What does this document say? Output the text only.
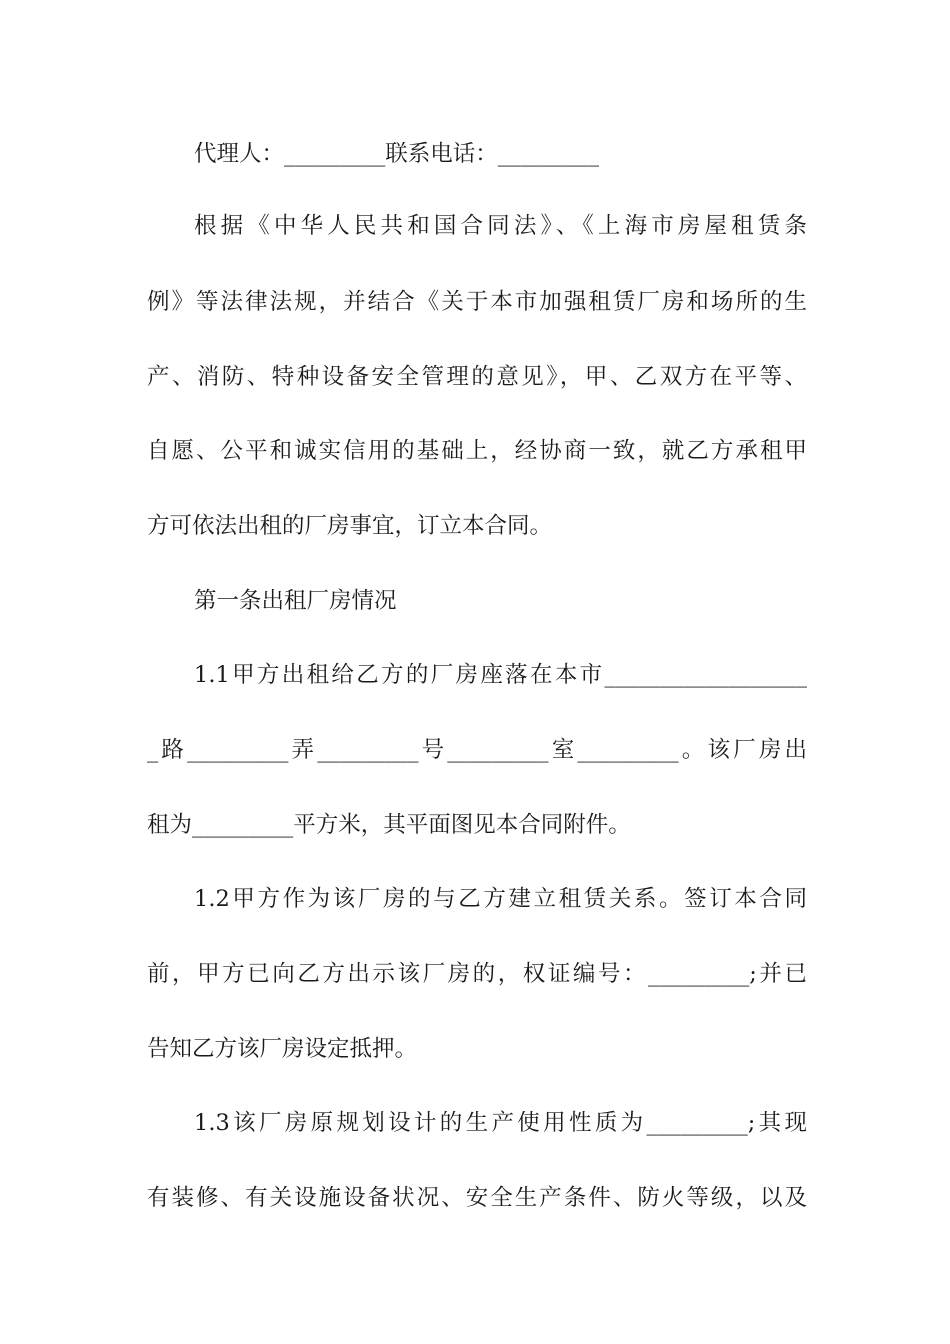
代理人：_________联系电话：_________
根据《中华人民共和国合同法》、《上海市房屋租赁条
例》等法律法规，并结合《关于本市加强租赁厂房和场所的生
产、消防、特种设备安全管理的意见》，甲、乙双方在平等、
自愿、公平和诚实信用的基础上，经协商一致，就乙方承租甲
方可依法出租的厂房事宜，订立本合同。
第一条出租厂房情况
1.1甲方出租给乙方的厂房座落在本市__________________
_路_________弄_________号_________室_________。该厂房出
租为_________平方米，其平面图见本合同附件。
1.2甲方作为该厂房的与乙方建立租赁关系。签订本合同
前，甲方已向乙方出示该厂房的，权证编号：_________;并已
告知乙方该厂房设定抵押。
1.3该厂房原规划设计的生产使用性质为_________;其现
有装修、有关设施设备状况、安全生产条件、防火等级，以及
